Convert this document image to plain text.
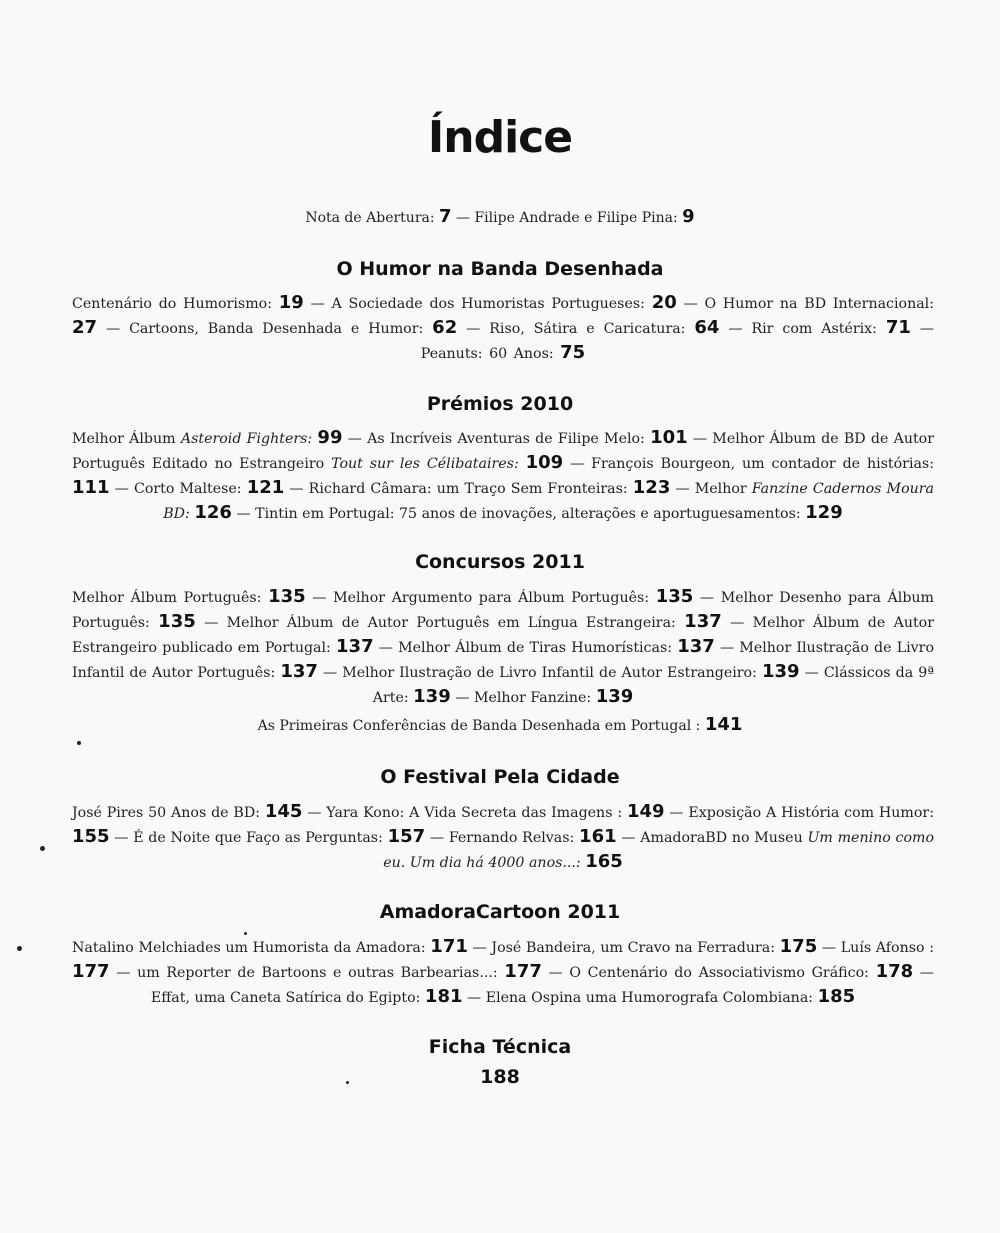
Índice
Nota de Abertura: 7 — Filipe Andrade e Filipe Pina: 9
O Humor na Banda Desenhada
Centenário do Humorismo: 19 — A Sociedade dos Humoristas Portugueses: 20 — O Humor na BD Internacional: 27 — Cartoons, Banda Desenhada e Humor: 62 — Riso, Sátira e Caricatura: 64 — Rir com Astérix: 71 — Peanuts: 60 Anos: 75
Prémios 2010
Melhor Álbum Asteroid Fighters: 99 — As Incríveis Aventuras de Filipe Melo: 101 — Melhor Álbum de BD de Autor Português Editado no Estrangeiro Tout sur les Célibataires: 109 — François Bourgeon, um contador de histórias: 111 — Corto Maltese: 121 — Richard Câmara: um Traço Sem Fronteiras: 123 — Melhor Fanzine Cadernos Moura BD: 126 — Tintin em Portugal: 75 anos de inovações, alterações e aportuguesamentos: 129
Concursos 2011
Melhor Álbum Português: 135 — Melhor Argumento para Álbum Português: 135 — Melhor Desenho para Álbum Português: 135 — Melhor Álbum de Autor Português em Língua Estrangeira: 137 — Melhor Álbum de Autor Estrangeiro publicado em Portugal: 137 — Melhor Álbum de Tiras Humorísticas: 137 — Melhor Ilustração de Livro Infantil de Autor Português: 137 — Melhor Ilustração de Livro Infantil de Autor Estrangeiro: 139 — Clássicos da 9ª Arte: 139 — Melhor Fanzine: 139
As Primeiras Conferências de Banda Desenhada em Portugal : 141
O Festival Pela Cidade
José Pires 50 Anos de BD: 145 — Yara Kono: A Vida Secreta das Imagens : 149 — Exposição A História com Humor: 155 — É de Noite que Faço as Perguntas: 157 — Fernando Relvas: 161 — AmadoraBD no Museu Um menino como eu. Um dia há 4000 anos...: 165
AmadoraCartoon 2011
Natalino Melchiades um Humorista da Amadora: 171 — José Bandeira, um Cravo na Ferradura: 175 — Luís Afonso : 177 — um Reporter de Bartoons e outras Barbearias...: 177 — O Centenário do Associativismo Gráfico: 178 — Effat, uma Caneta Satírica do Egipto: 181 — Elena Ospina uma Humorografa Colombiana: 185
Ficha Técnica
188
